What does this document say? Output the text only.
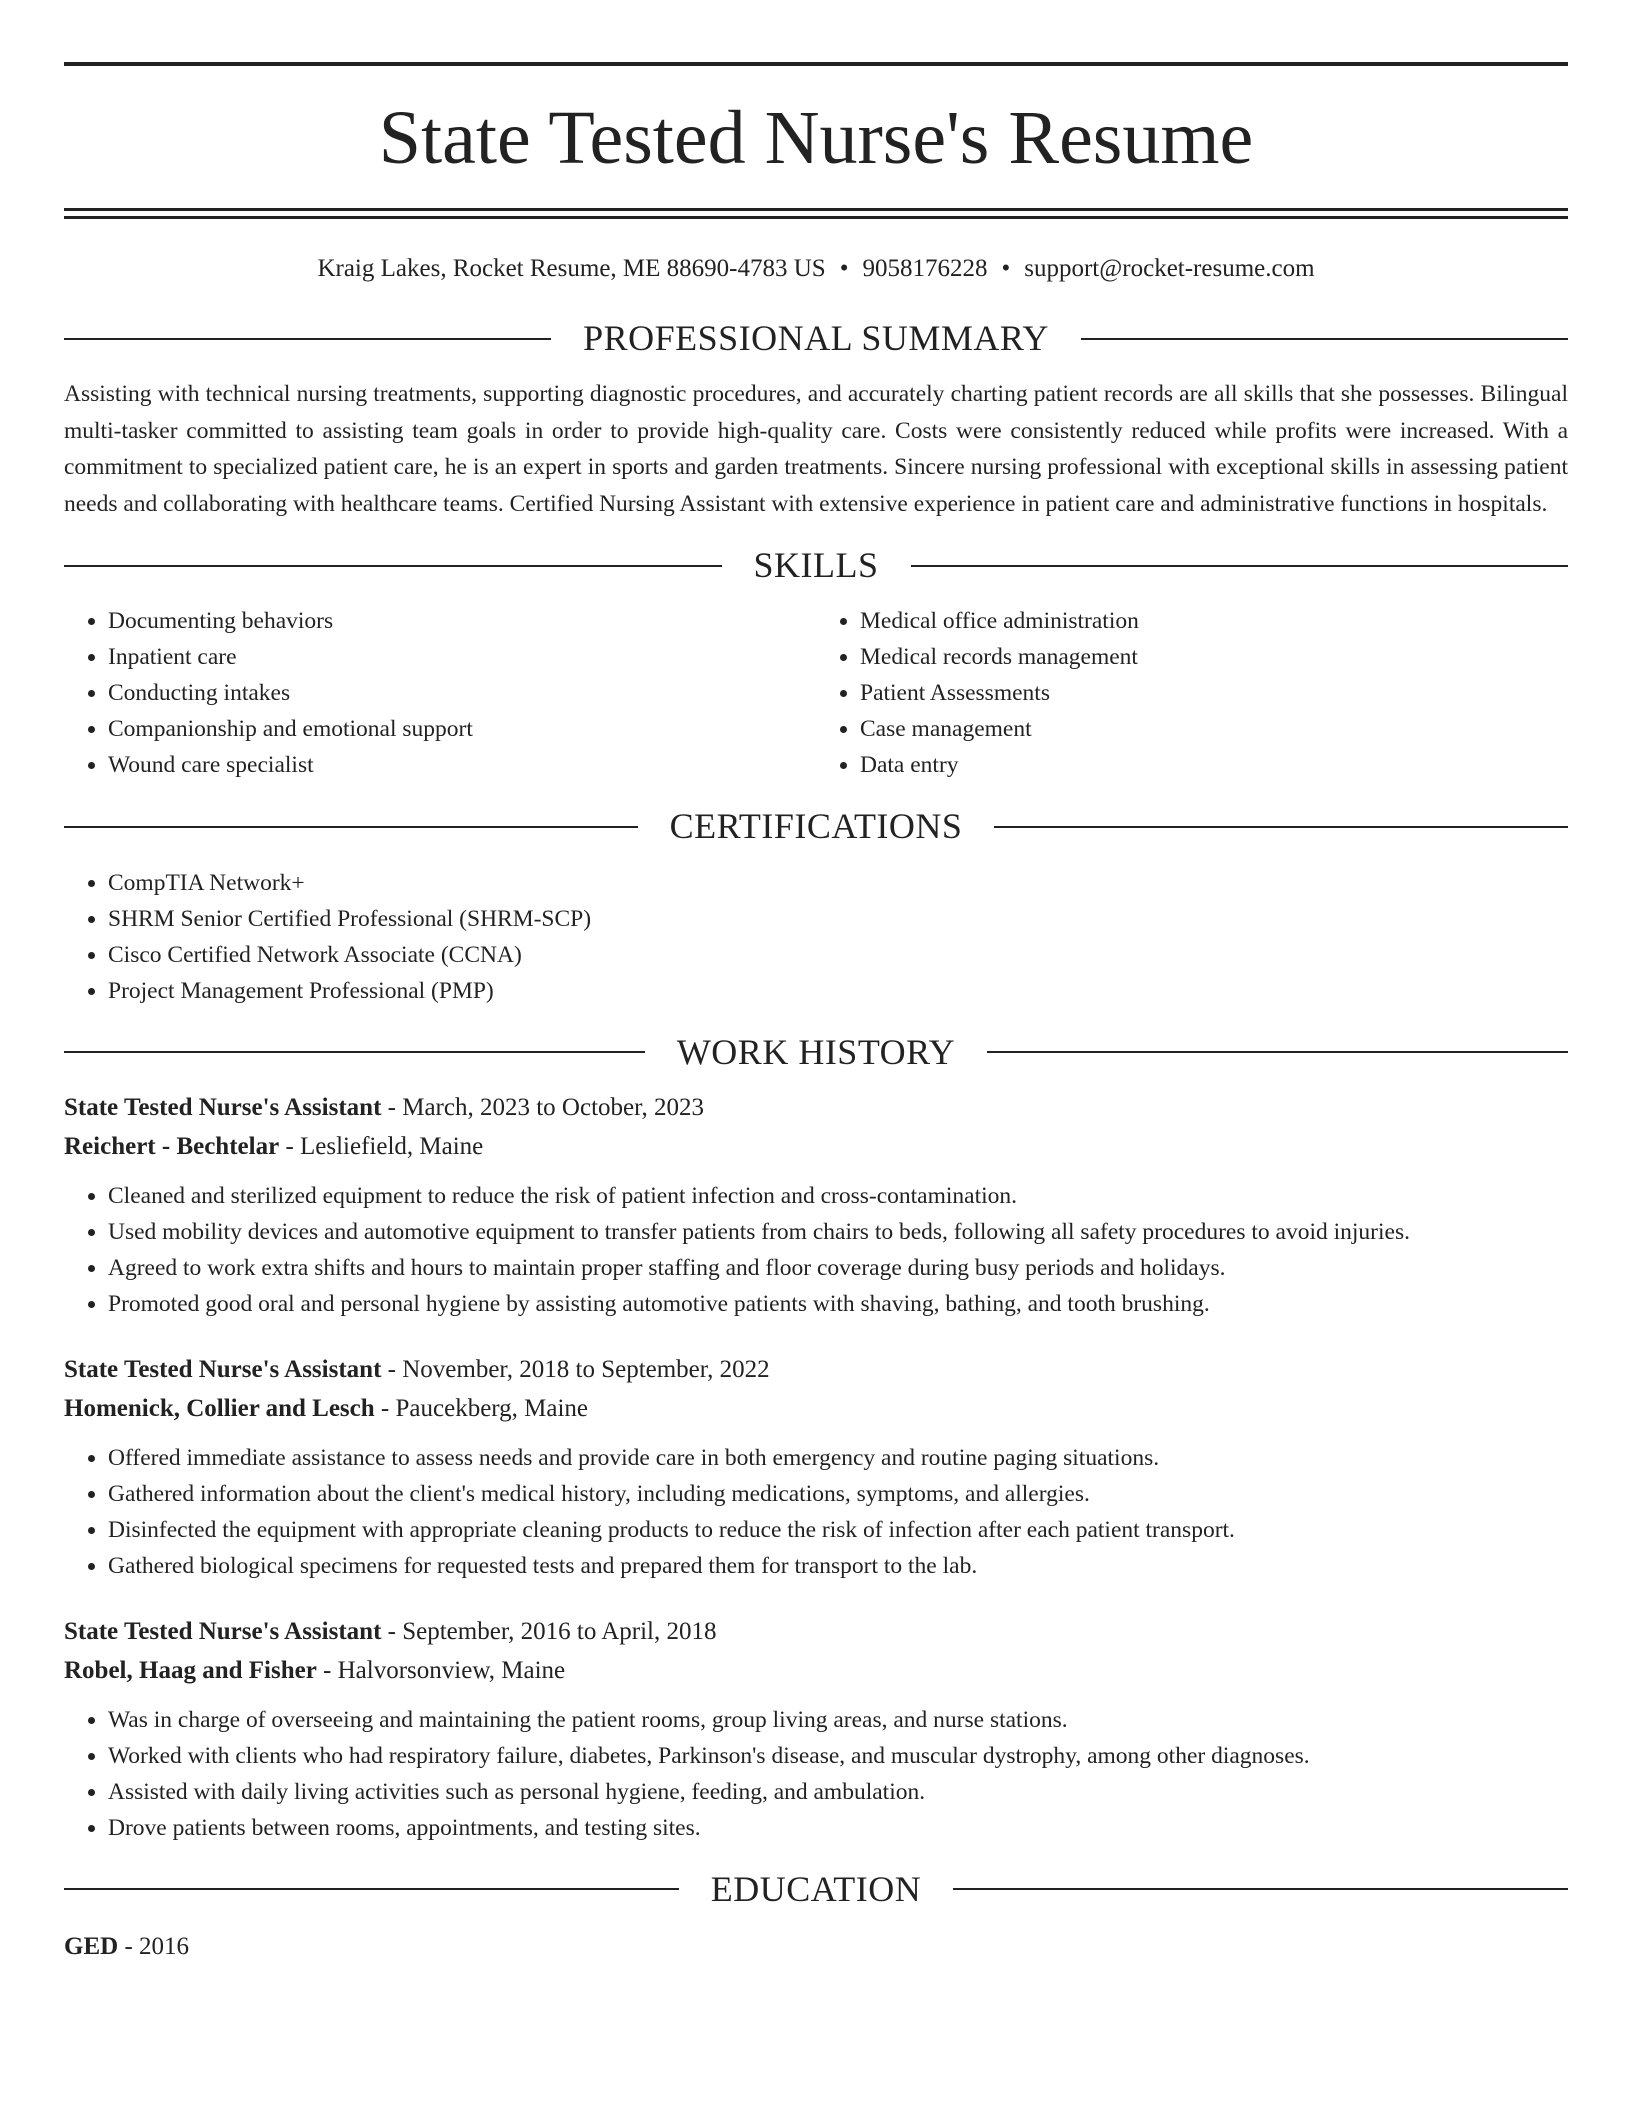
State Tested Nurse's Resume
Kraig Lakes, Rocket Resume, ME 88690-4783 US • 9058176228 • support@rocket-resume.com
PROFESSIONAL SUMMARY
Assisting with technical nursing treatments, supporting diagnostic procedures, and accurately charting patient records are all skills that she possesses. Bilingual multi-tasker committed to assisting team goals in order to provide high-quality care. Costs were consistently reduced while profits were increased. With a commitment to specialized patient care, he is an expert in sports and garden treatments. Sincere nursing professional with exceptional skills in assessing patient needs and collaborating with healthcare teams. Certified Nursing Assistant with extensive experience in patient care and administrative functions in hospitals.
SKILLS
• Documenting behaviors
• Inpatient care
• Conducting intakes
• Companionship and emotional support
• Wound care specialist
• Medical office administration
• Medical records management
• Patient Assessments
• Case management
• Data entry
CERTIFICATIONS
• CompTIA Network+
• SHRM Senior Certified Professional (SHRM-SCP)
• Cisco Certified Network Associate (CCNA)
• Project Management Professional (PMP)
WORK HISTORY
State Tested Nurse's Assistant - March, 2023 to October, 2023
Reichert - Bechtelar - Lesliefield, Maine
• Cleaned and sterilized equipment to reduce the risk of patient infection and cross-contamination.
• Used mobility devices and automotive equipment to transfer patients from chairs to beds, following all safety procedures to avoid injuries.
• Agreed to work extra shifts and hours to maintain proper staffing and floor coverage during busy periods and holidays.
• Promoted good oral and personal hygiene by assisting automotive patients with shaving, bathing, and tooth brushing.
State Tested Nurse's Assistant - November, 2018 to September, 2022
Homenick, Collier and Lesch - Paucekberg, Maine
• Offered immediate assistance to assess needs and provide care in both emergency and routine paging situations.
• Gathered information about the client's medical history, including medications, symptoms, and allergies.
• Disinfected the equipment with appropriate cleaning products to reduce the risk of infection after each patient transport.
• Gathered biological specimens for requested tests and prepared them for transport to the lab.
State Tested Nurse's Assistant - September, 2016 to April, 2018
Robel, Haag and Fisher - Halvorsonview, Maine
• Was in charge of overseeing and maintaining the patient rooms, group living areas, and nurse stations.
• Worked with clients who had respiratory failure, diabetes, Parkinson's disease, and muscular dystrophy, among other diagnoses.
• Assisted with daily living activities such as personal hygiene, feeding, and ambulation.
• Drove patients between rooms, appointments, and testing sites.
EDUCATION
GED - 2016
